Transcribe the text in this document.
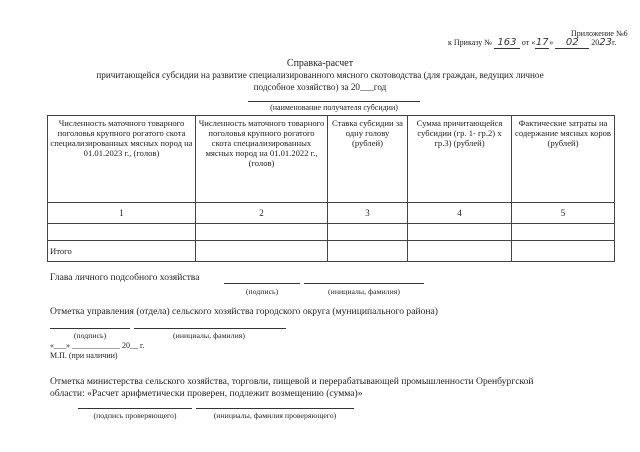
Приложение №6
к Приказу № 163 от «17» 02 2023г.
Справка-расчет
причитающейся субсидии на развитие специализированного мясного скотоводства (для граждан, ведущих личное
подсобное хозяйство) за 20___год
(наименование получателя субсидии)
Численность маточного товарного поголовья крупного рогатого скота специализированных мясных пород на 01.01.2023 г., (голов)	Численность маточного товарного поголовья крупного рогатого скота специализированных мясных пород на 01.01.2022 г., (голов)	Ставка субсидии за одну голову (рублей)	Сумма причитающейся субсидии (гр. 1- гр.2) х гр.3) (рублей)	Фактические затраты на содержание мясных коров (рублей)
1	2	3	4	5

Итого				
Глава личного подсобного хозяйства
(подпись)	(инициалы, фамилия)
Отметка управления (отдела) сельского хозяйства городского округа (муниципального района)
(подпись)	(инициалы, фамилия)
«___» ____________ 20__ г.
М.П. (при наличии)
Отметка министерства сельского хозяйства, торговли, пищевой и перерабатывающей промышленности Оренбургской
области: «Расчет арифметически проверен, подлежит возмещению (сумма)»
(подпись проверяющего)	(инициалы, фамилия проверяющего)
